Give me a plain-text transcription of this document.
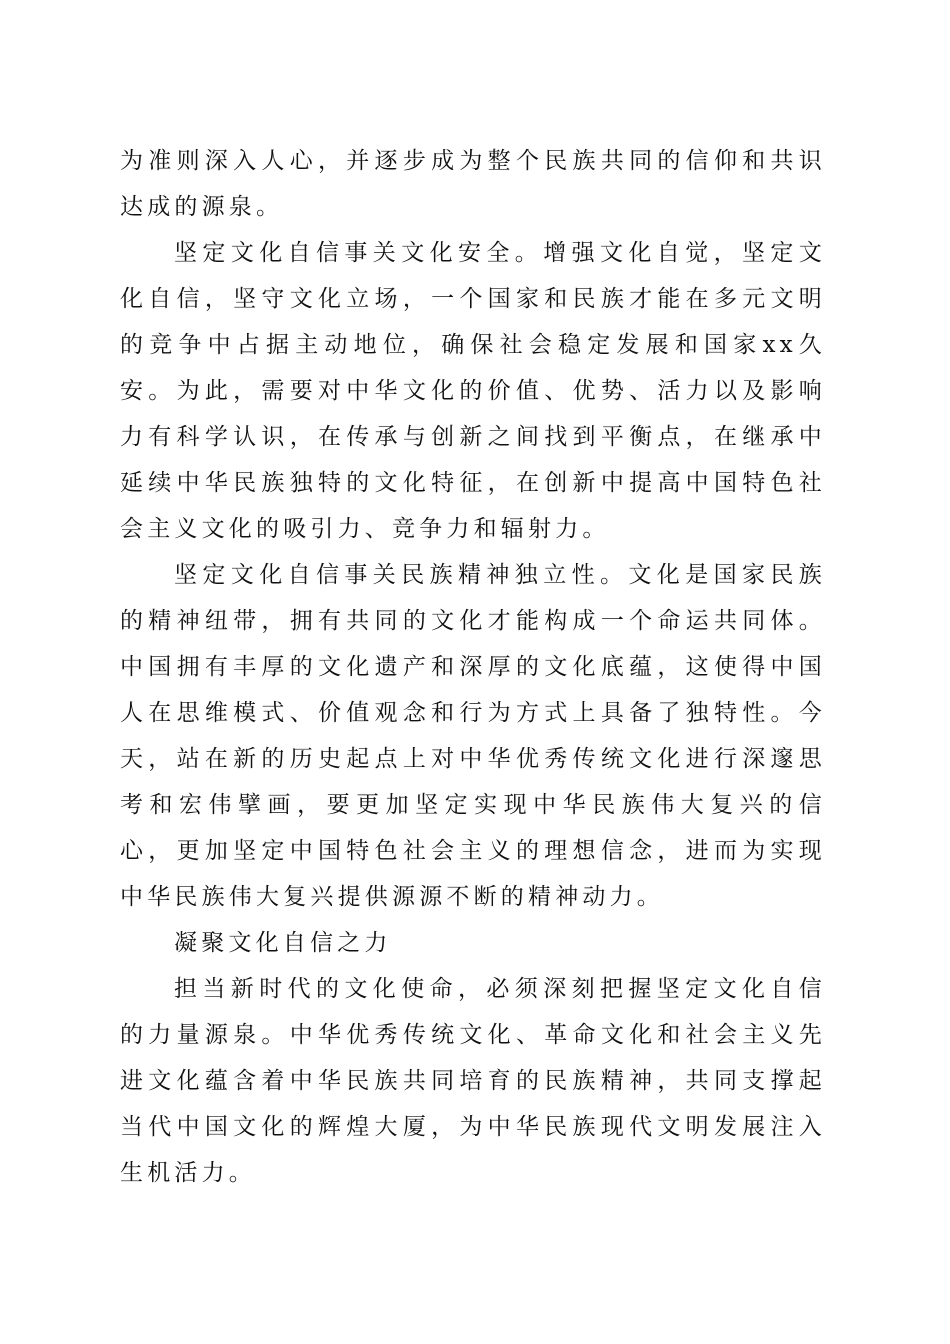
为准则深入人心，并逐步成为整个民族共同的信仰和共识达成的源泉。

坚定文化自信事关文化安全。增强文化自觉，坚定文化自信，坚守文化立场，一个国家和民族才能在多元文明的竞争中占据主动地位，确保社会稳定发展和国家xx久安。为此，需要对中华文化的价值、优势、活力以及影响力有科学认识，在传承与创新之间找到平衡点，在继承中延续中华民族独特的文化特征，在创新中提高中国特色社会主义文化的吸引力、竞争力和辐射力。

坚定文化自信事关民族精神独立性。文化是国家民族的精神纽带，拥有共同的文化才能构成一个命运共同体。中国拥有丰厚的文化遗产和深厚的文化底蕴，这使得中国人在思维模式、价值观念和行为方式上具备了独特性。今天，站在新的历史起点上对中华优秀传统文化进行深邃思考和宏伟擘画，要更加坚定实现中华民族伟大复兴的信心，更加坚定中国特色社会主义的理想信念，进而为实现中华民族伟大复兴提供源源不断的精神动力。

凝聚文化自信之力

担当新时代的文化使命，必须深刻把握坚定文化自信的力量源泉。中华优秀传统文化、革命文化和社会主义先进文化蕴含着中华民族共同培育的民族精神，共同支撑起当代中国文化的辉煌大厦，为中华民族现代文明发展注入生机活力。
